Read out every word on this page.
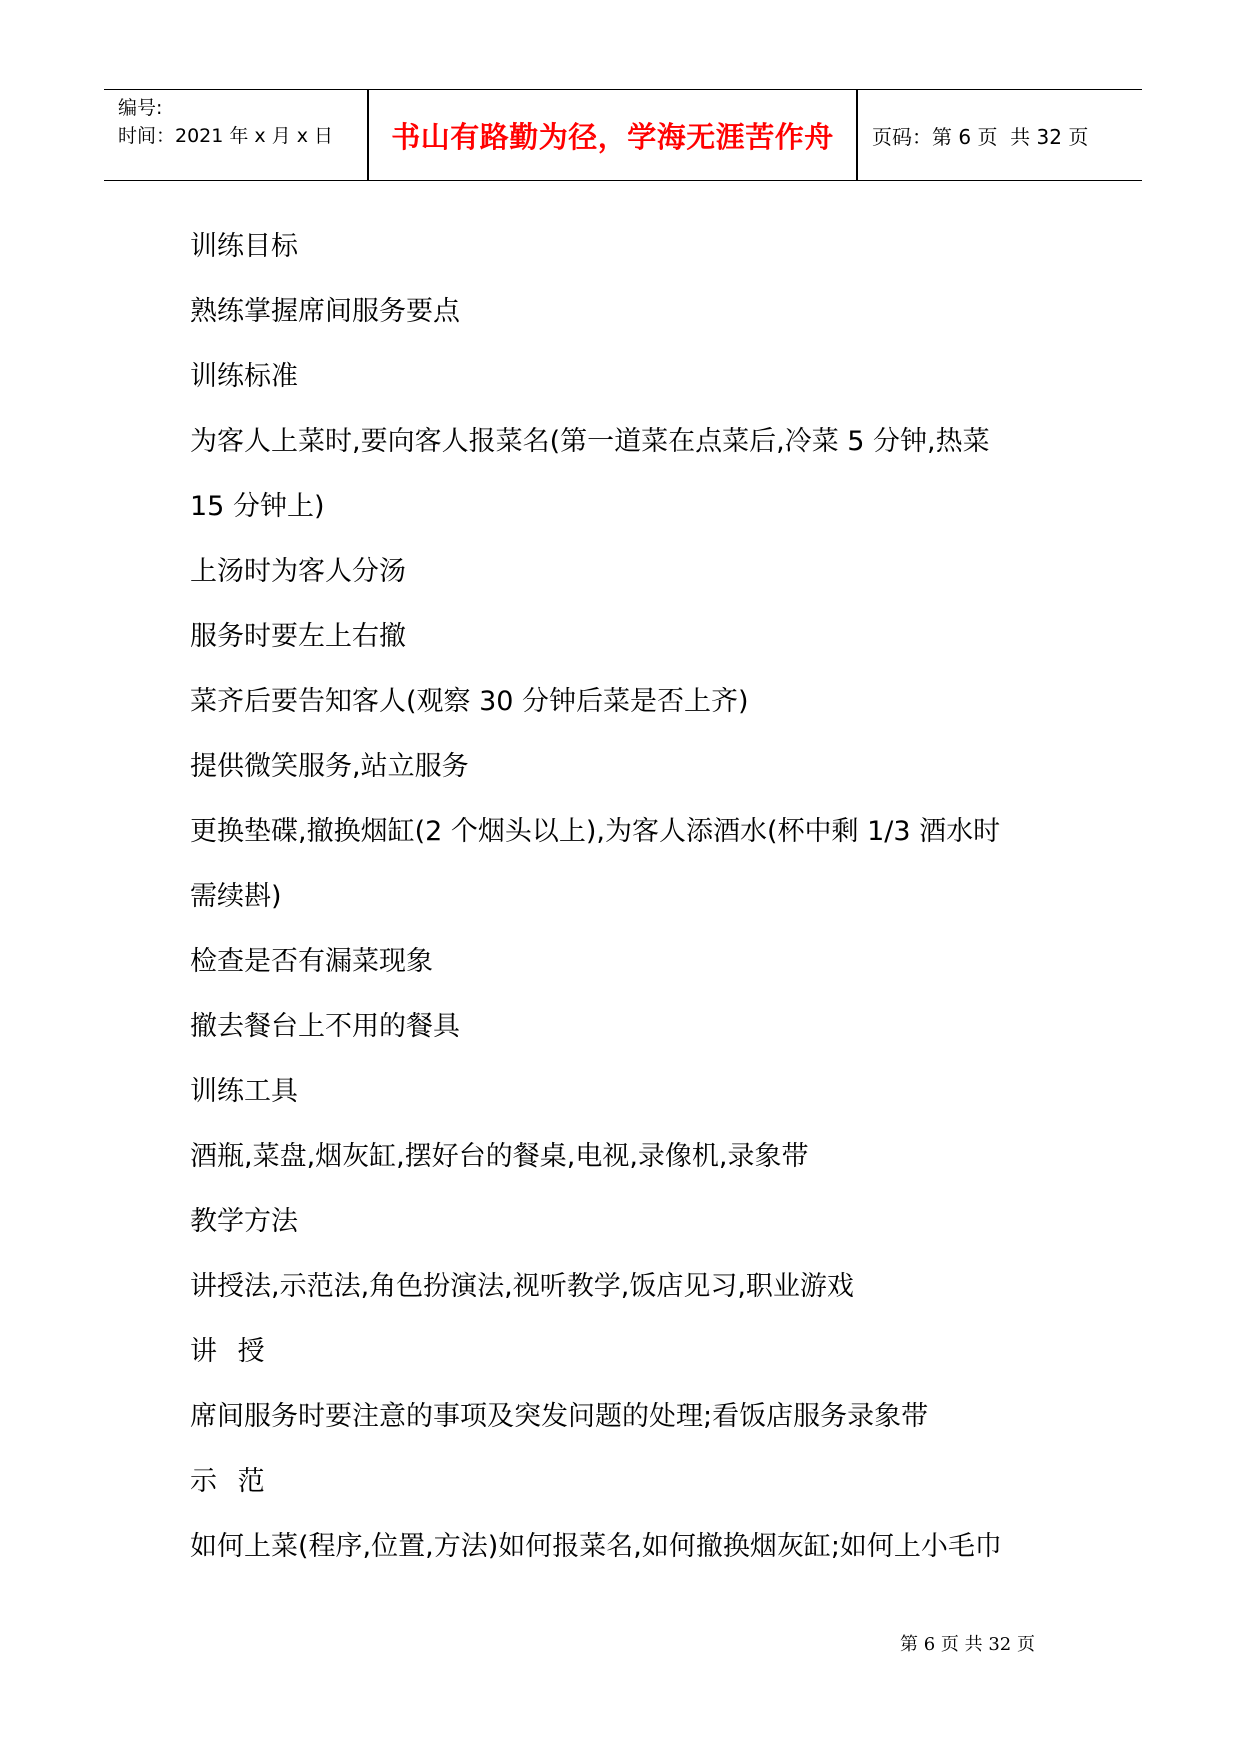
编号:
时间：2021 年 x 月 x 日	书山有路勤为径，学海无涯苦作舟	页码：第 6 页  共 32 页
训练目标
熟练掌握席间服务要点
训练标准
为客人上菜时,要向客人报菜名(第一道菜在点菜后,冷菜 5 分钟,热菜
15 分钟上)
上汤时为客人分汤
服务时要左上右撤
菜齐后要告知客人(观察 30 分钟后菜是否上齐)
提供微笑服务,站立服务
更换垫碟,撤换烟缸(2 个烟头以上),为客人添酒水(杯中剩 1/3 酒水时
需续斟)
检查是否有漏菜现象
撤去餐台上不用的餐具
训练工具
酒瓶,菜盘,烟灰缸,摆好台的餐桌,电视,录像机,录象带
教学方法
讲授法,示范法,角色扮演法,视听教学,饭店见习,职业游戏
讲 授
席间服务时要注意的事项及突发问题的处理;看饭店服务录象带
示 范
如何上菜(程序,位置,方法)如何报菜名,如何撤换烟灰缸;如何上小毛巾
第 6 页 共 32 页
